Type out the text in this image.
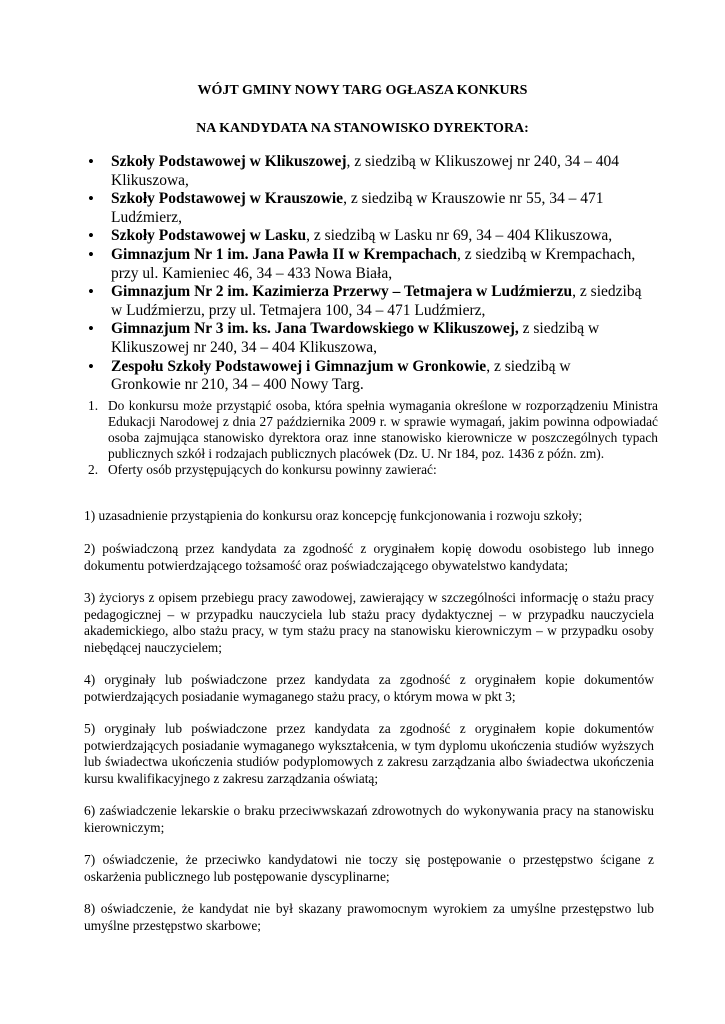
WÓJT GMINY NOWY TARG OGŁASZA KONKURS
NA KANDYDATA NA STANOWISKO DYREKTORA:
• Szkoły Podstawowej w Klikuszowej, z siedzibą w Klikuszowej nr 240, 34 – 404 Klikuszowa,
• Szkoły Podstawowej w Krauszowie, z siedzibą w Krauszowie nr 55, 34 – 471 Ludźmierz,
• Szkoły Podstawowej w Lasku, z siedzibą w Lasku nr 69, 34 – 404 Klikuszowa,
• Gimnazjum Nr 1 im. Jana Pawła II w Krempachach, z siedzibą w Krempachach, przy ul. Kamieniec 46, 34 – 433 Nowa Biała,
• Gimnazjum Nr 2 im. Kazimierza Przerwy – Tetmajera w Ludźmierzu, z siedzibą w Ludźmierzu, przy ul. Tetmajera 100, 34 – 471 Ludźmierz,
• Gimnazjum Nr 3 im. ks. Jana Twardowskiego w Klikuszowej, z siedzibą w Klikuszowej nr 240, 34 – 404 Klikuszowa,
• Zespołu Szkoły Podstawowej i Gimnazjum w Gronkowie, z siedzibą w Gronkowie nr 210, 34 – 400 Nowy Targ.
1. Do konkursu może przystąpić osoba, która spełnia wymagania określone w rozporządzeniu Ministra Edukacji Narodowej z dnia 27 października 2009 r. w sprawie wymagań, jakim powinna odpowiadać osoba zajmująca stanowisko dyrektora oraz inne stanowisko kierownicze w poszczególnych typach publicznych szkół i rodzajach publicznych placówek (Dz. U. Nr 184, poz. 1436 z późn. zm).
2. Oferty osób przystępujących do konkursu powinny zawierać:
1) uzasadnienie przystąpienia do konkursu oraz koncepcję funkcjonowania i rozwoju szkoły;
2) poświadczoną przez kandydata za zgodność z oryginałem kopię dowodu osobistego lub innego dokumentu potwierdzającego tożsamość oraz poświadczającego obywatelstwo kandydata;
3) życiorys z opisem przebiegu pracy zawodowej, zawierający w szczególności informację o stażu pracy pedagogicznej – w przypadku nauczyciela lub stażu pracy dydaktycznej – w przypadku nauczyciela akademickiego, albo stażu pracy, w tym stażu pracy na stanowisku kierowniczym – w przypadku osoby niebędącej nauczycielem;
4) oryginały lub poświadczone przez kandydata za zgodność z oryginałem kopie dokumentów potwierdzających posiadanie wymaganego stażu pracy, o którym mowa w pkt 3;
5) oryginały lub poświadczone przez kandydata za zgodność z oryginałem kopie dokumentów potwierdzających posiadanie wymaganego wykształcenia, w tym dyplomu ukończenia studiów wyższych lub świadectwa ukończenia studiów podyplomowych z zakresu zarządzania albo świadectwa ukończenia kursu kwalifikacyjnego z zakresu zarządzania oświatą;
6) zaświadczenie lekarskie o braku przeciwwskazań zdrowotnych do wykonywania pracy na stanowisku kierowniczym;
7) oświadczenie, że przeciwko kandydatowi nie toczy się postępowanie o przestępstwo ścigane z oskarżenia publicznego lub postępowanie dyscyplinarne;
8) oświadczenie, że kandydat nie był skazany prawomocnym wyrokiem za umyślne przestępstwo lub umyślne przestępstwo skarbowe;
